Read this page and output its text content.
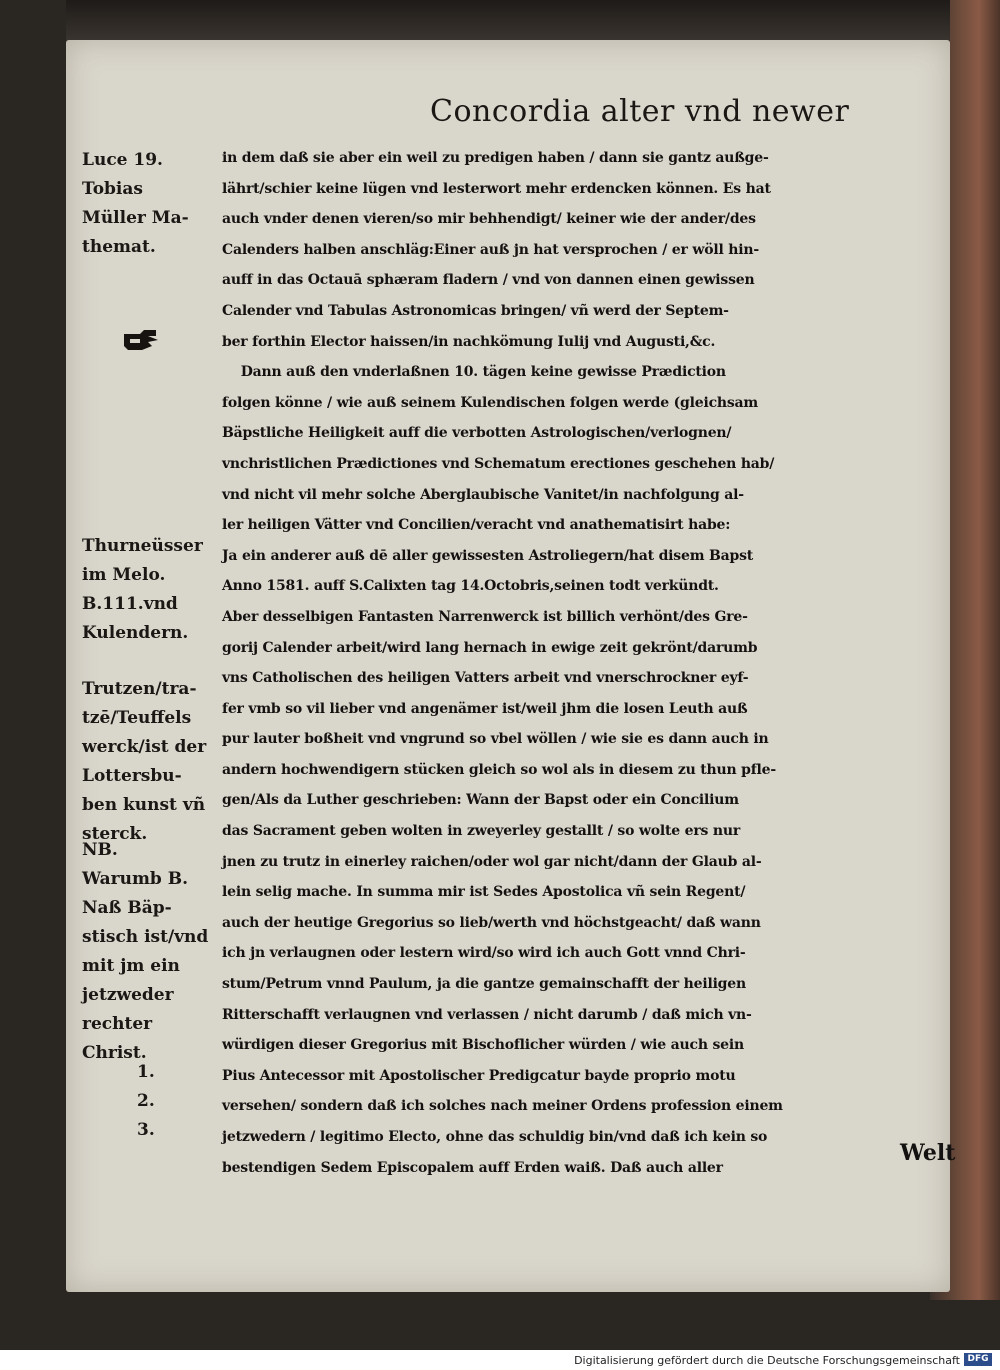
Concordia alter vnd newer
Luce 19.
Tobias
Müller Ma-
themat.
Thurneüsser
im Melo.
B.111.vnd
Kulendern.
Trutzen/tra-
tzē/Teuffels
werck/ist der
Lottersbu-
ben kunst vñ
sterck.
NB.
Warumb B.
Naß Bäp-
stisch ist/vnd
mit jm ein
jetzweder
rechter
Christ.
1.
2.
3.
in dem daß sie aber ein weil zu predigen haben / dann sie gantz außge-
lährt/schier keine lügen vnd lesterwort mehr erdencken können. Es hat
auch vnder denen vieren/so mir behhendigt/ keiner wie der ander/des
Calenders halben anschläg:Einer auß jn hat versprochen / er wöll hin-
auff in das Octauā sphæram fladern / vnd von dannen einen gewissen
Calender vnd Tabulas Astronomicas bringen/ vñ werd der Septem-
ber forthin Elector haissen/in nachkömung Iulij vnd Augusti,&c.
Dann auß den vnderlaßnen 10. tägen keine gewisse Prædiction
folgen könne / wie auß seinem Kulendischen folgen werde (gleichsam
Bäpstliche Heiligkeit auff die verbotten Astrologischen/verlognen/
vnchristlichen Prædictiones vnd Schematum erectiones geschehen hab/
vnd nicht vil mehr solche Aberglaubische Vanitet/in nachfolgung al-
ler heiligen Vätter vnd Concilien/veracht vnd anathematisirt habe:
Ja ein anderer auß dē aller gewissesten Astroliegern/hat disem Bapst
Anno 1581. auff S.Calixten tag 14.Octobris,seinen todt verkündt.
Aber desselbigen Fantasten Narrenwerck ist billich verhönt/des Gre-
gorij Calender arbeit/wird lang hernach in ewige zeit gekrönt/darumb
vns Catholischen des heiligen Vatters arbeit vnd vnerschrockner eyf-
fer vmb so vil lieber vnd angenämer ist/weil jhm die losen Leuth auß
pur lauter boßheit vnd vngrund so vbel wöllen / wie sie es dann auch in
andern hochwendigern stücken gleich so wol als in diesem zu thun pfle-
gen/Als da Luther geschrieben: Wann der Bapst oder ein Concilium
das Sacrament geben wolten in zweyerley gestallt / so wolte ers nur
jnen zu trutz in einerley raichen/oder wol gar nicht/dann der Glaub al-
lein selig mache. In summa mir ist Sedes Apostolica vñ sein Regent/
auch der heutige Gregorius so lieb/werth vnd höchstgeacht/ daß wann
ich jn verlaugnen oder lestern wird/so wird ich auch Gott vnnd Chri-
stum/Petrum vnnd Paulum, ja die gantze gemainschafft der heiligen
Ritterschafft verlaugnen vnd verlassen / nicht darumb / daß mich vn-
würdigen dieser Gregorius mit Bischoflicher würden / wie auch sein
Pius Antecessor mit Apostolischer Predigcatur bayde proprio motu
versehen/ sondern daß ich solches nach meiner Ordens profession einem
jetzwedern / legitimo Electo, ohne das schuldig bin/vnd daß ich kein so
bestendigen Sedem Episcopalem auff Erden waiß. Daß auch aller
Welt
Digitalisierung gefördert durch die Deutsche Forschungsgemeinschaft DFG
